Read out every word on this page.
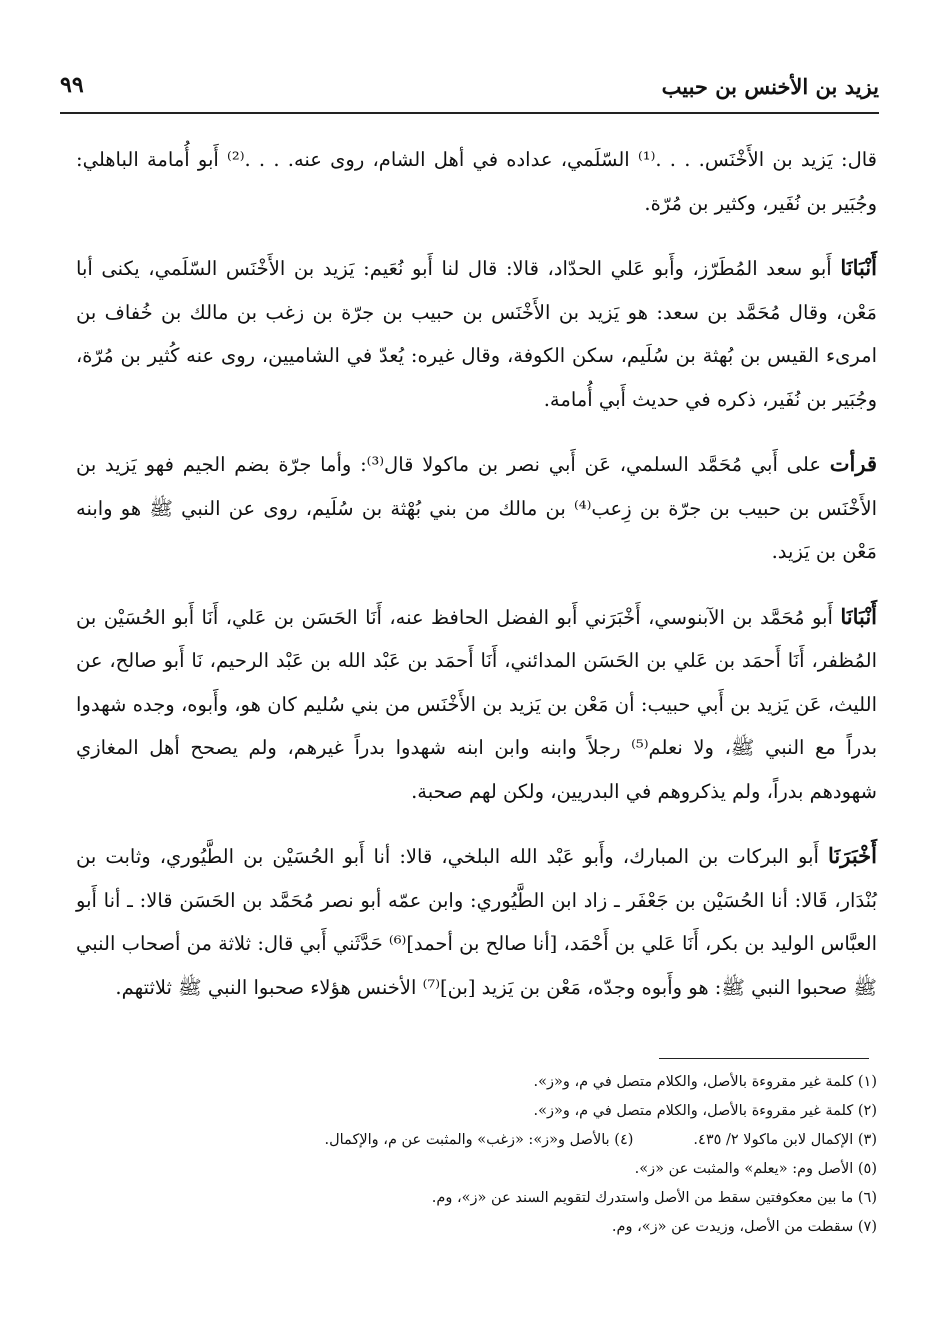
يزيد بن الأخنس بن حبيب
٩٩

قال: يَزيد بن الأَخْنَس. . . .⁽¹⁾ السّلَمي، عداده في أهل الشام، روى عنه. . . .⁽²⁾ أَبو أُمامة الباهلي: وجُبَير بن نُفَير، وكثير بن مُرّة.

أَنْبَانَا أَبو سعد المُطَرّز، وأَبو عَلي الحدّاد، قالا: قال لنا أَبو نُعَيم: يَزيد بن الأَخْنَس السّلَمي، يكنى أبا مَعْن، وقال مُحَمَّد بن سعد: هو يَزيد بن الأَخْنَس بن حبيب بن جرّة بن زغب بن مالك بن خُفاف بن امرىء القيس بن بُهثة بن سُلَيم، سكن الكوفة، وقال غيره: يُعدّ في الشاميين، روى عنه كُثير بن مُرّة، وجُبَير بن نُفَير، ذكره في حديث أَبي أُمامة.

قرأت على أَبي مُحَمَّد السلمي، عَن أَبي نصر بن ماكولا قال⁽³⁾: وأما جرّة بضم الجيم فهو يَزيد بن الأَخْنَس بن حبيب بن جرّة بن زِعب⁽⁴⁾ بن مالك من بني بُهْثة بن سُلَيم، روى عن النبي ﷺ هو وابنه مَعْن بن يَزيد.

أَنْبَانَا أَبو مُحَمَّد بن الآبنوسي، أَخْبَرَني أَبو الفضل الحافظ عنه، أَنَا الحَسَن بن عَلي، أَنَا أَبو الحُسَيْن بن المُظفر، أَنَا أَحمَد بن عَلي بن الحَسَن المدائني، أَنَا أَحمَد بن عَبْد الله بن عَبْد الرحيم، نَا أَبو صالح، عن الليث، عَن يَزيد بن أَبي حبيب: أن مَعْن بن يَزيد بن الأَخْنَس من بني سُليم كان هو، وأَبوه، وجده شهدوا بدراً مع النبي ﷺ، ولا نعلم⁽⁵⁾ رجلاً وابنه وابن ابنه شهدوا بدراً غيرهم، ولم يصحح أهل المغازي شهودهم بدراً، ولم يذكروهم في البدريين، ولكن لهم صحبة.

أَخْبَرَنَا أَبو البركات بن المبارك، وأَبو عَبْد الله البلخي، قالا: أنا أَبو الحُسَيْن بن الطَّيُوري، وثابت بن بُنْدَار، قَالا: أنا الحُسَيْن بن جَعْفَر ـ زاد ابن الطَّيُوري: وابن عمّه أبو نصر مُحَمَّد بن الحَسَن قالا: ـ أنا أَبو العبَّاس الوليد بن بكر، أَنَا عَلي بن أَحْمَد، [أنا صالح بن أحمد]⁽⁶⁾ حَدَّثَني أَبي قال: ثلاثة من أصحاب النبي ﷺ صحبوا النبي ﷺ: هو وأَبوه وجدّه، مَعْن بن يَزيد [بن]⁽⁷⁾ الأخنس هؤلاء صحبوا النبي ﷺ ثلاثتهم.

(١) كلمة غير مقروءة بالأصل، والكلام متصل في م، و«ز».
(٢) كلمة غير مقروءة بالأصل، والكلام متصل في م، و«ز».
(٣) الإكمال لابن ماكولا ٢/ ٤٣٥.
(٤) بالأصل و«ز»: «زغب» والمثبت عن م، والإكمال.
(٥) الأصل وم: «يعلم» والمثبت عن «ز».
(٦) ما بين معكوفتين سقط من الأصل واستدرك لتقويم السند عن «ز»، وم.
(٧) سقطت من الأصل، وزيدت عن «ز»، وم.
